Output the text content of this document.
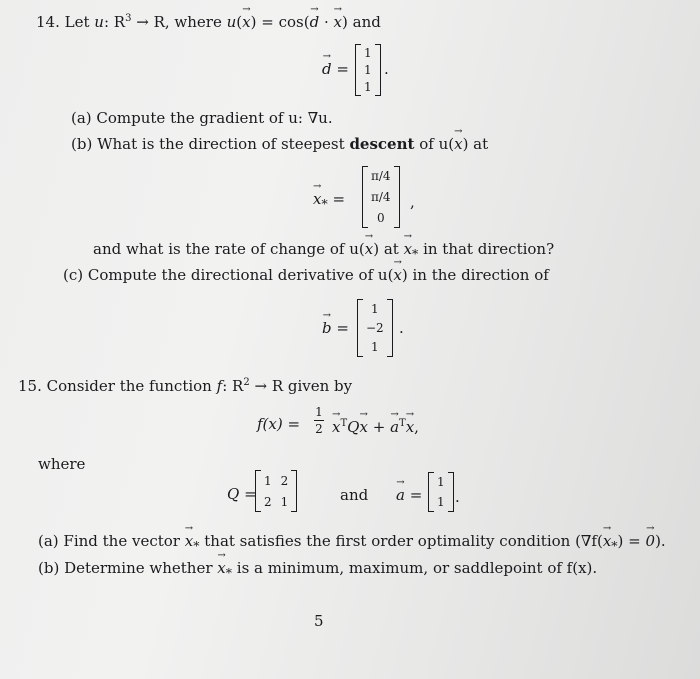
14. Let u: $R^3 \to R$, where u(x →) = cos(d → · x →) and
d → =
1
1
1
.
(a) Compute the gradient of u: ∇u.
(b) What is the direction of steepest descent of u(x →) at
$x \to_*$ =
π/4
π/4
0
,
and what is the rate of change of u(x →) at $x \to_*$ in that direction?
(c) Compute the directional derivative of u(x →) in the direction of
b → =
1
−2
1
.
15. Consider the function f: $R^2 \to R$ given by
f(x) =
1
2 x →$^T$Qx → + a →$^T$x →,
where
Q =
1 2
2 1	and a → =
1
1 .
(a) Find the vector $x \to_*$ that satisfies the first order optimality condition ($\nabla f(x \to_*) = 0$ →).
(b) Determine whether $x \to_*$ is a minimum, maximum, or saddlepoint of f(x).
5
